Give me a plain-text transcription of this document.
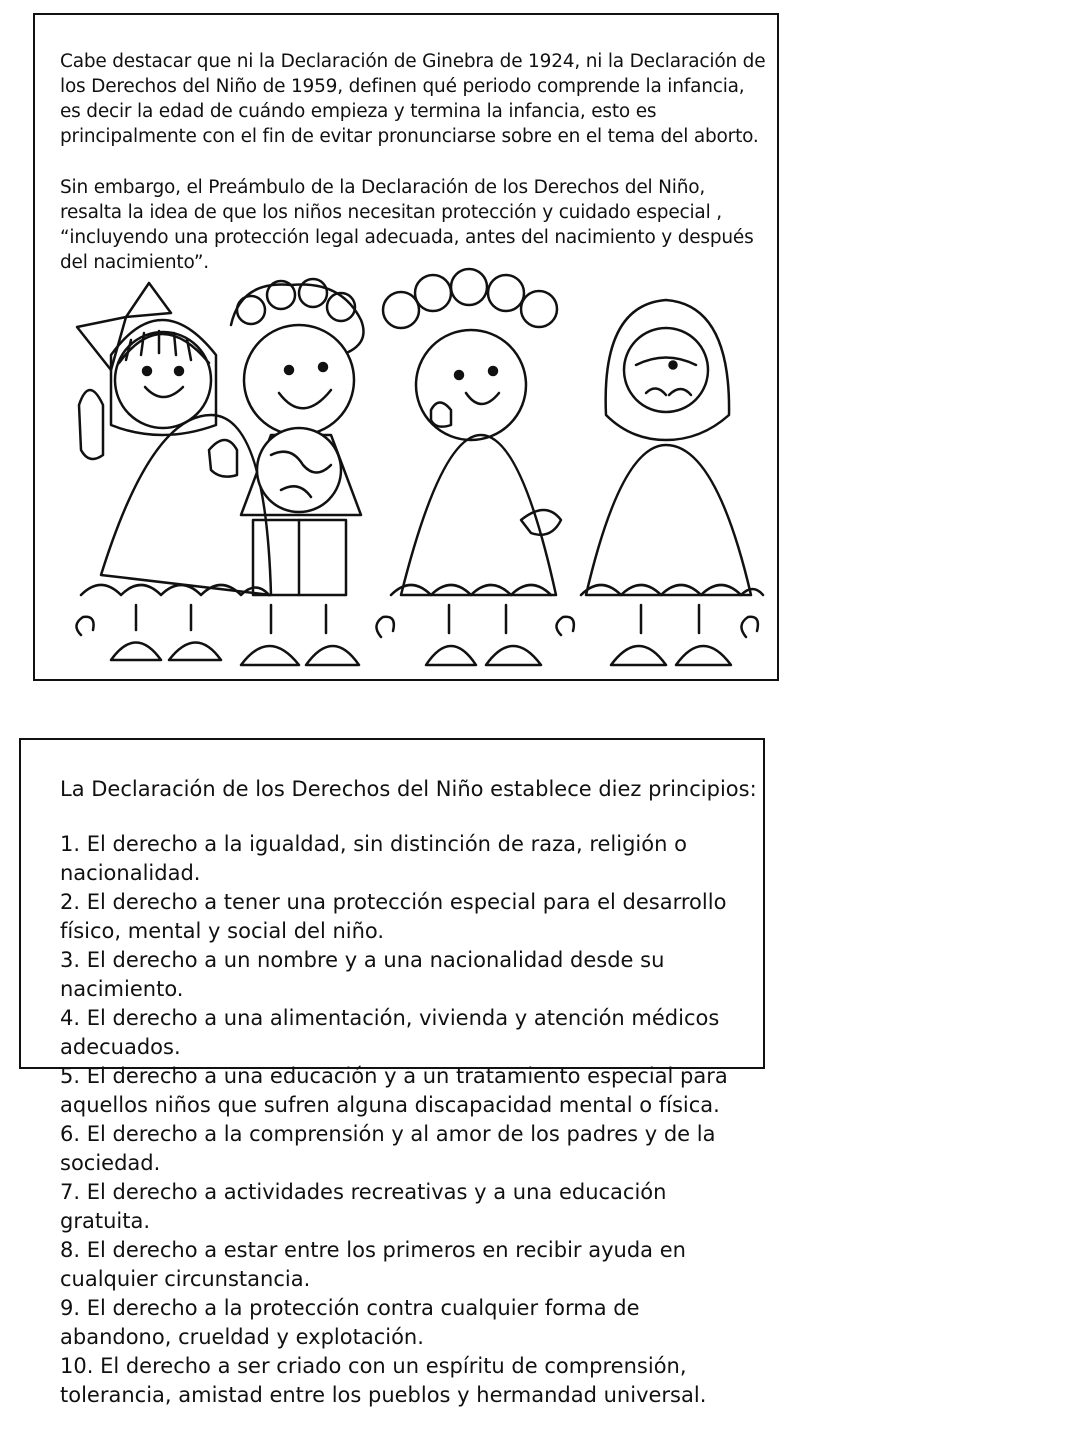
Cabe destacar que ni la Declaración de Ginebra de 1924, ni la Declaración de los Derechos del Niño de 1959, definen qué periodo comprende la infancia, es decir la edad de cuándo empieza y termina la infancia, esto es principalmente con el fin de evitar pronunciarse sobre en el tema del aborto.

Sin embargo, el Preámbulo de la Declaración de los Derechos del Niño, resalta la idea de que los niños necesitan protección y cuidado especial , “incluyendo una protección legal adecuada, antes del nacimiento y después del nacimiento”.

La Declaración de los Derechos del Niño establece diez principios:

1. El derecho a la igualdad, sin distinción de raza, religión o nacionalidad.
2. El derecho a tener una protección especial para el desarrollo físico, mental y social del niño.
3. El derecho a un nombre y a una nacionalidad desde su nacimiento.
4. El derecho a una alimentación, vivienda y atención médicos adecuados.
5. El derecho a una educación y a un tratamiento especial para aquellos niños que sufren alguna discapacidad mental o física.
6. El derecho a la comprensión y al amor de los padres y de la sociedad.
7. El derecho a actividades recreativas y a una educación gratuita.
8. El derecho a estar entre los primeros en recibir ayuda en cualquier circunstancia.
9. El derecho a la protección contra cualquier forma de abandono, crueldad y explotación.
10. El derecho a ser criado con un espíritu de comprensión, tolerancia, amistad entre los pueblos y hermandad universal.
